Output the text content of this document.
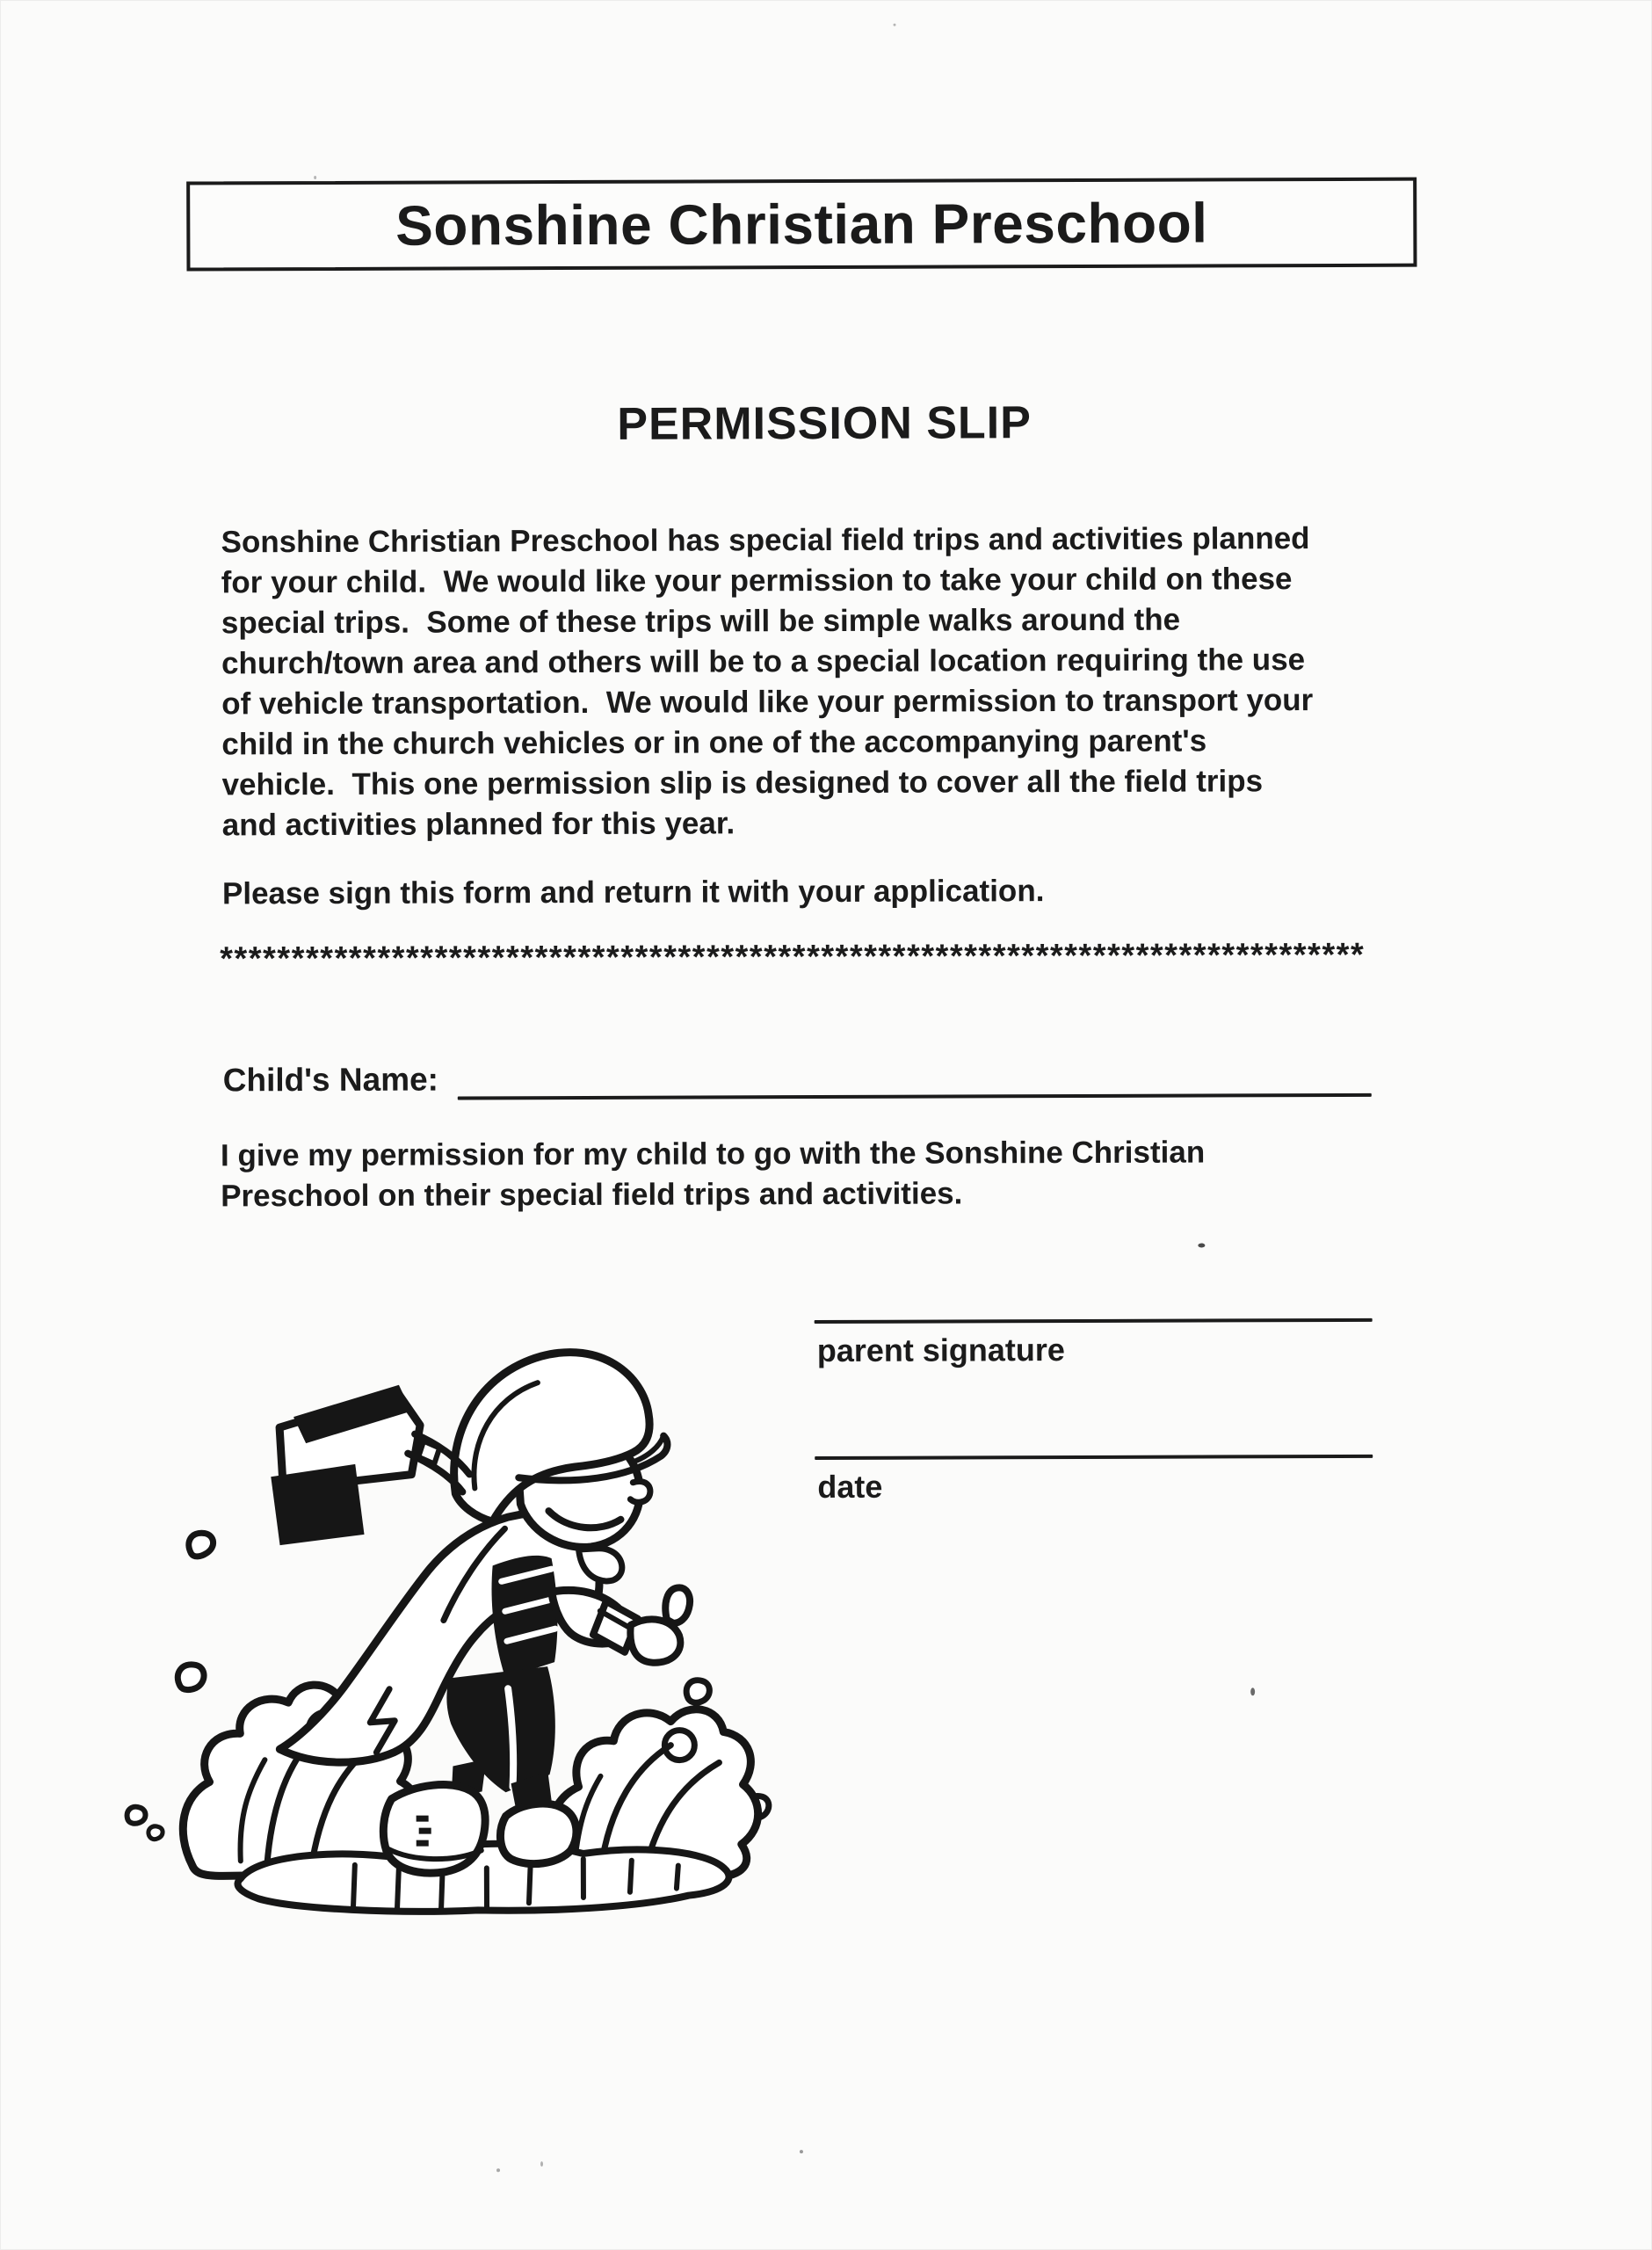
Sonshine Christian Preschool
PERMISSION SLIP
Sonshine Christian Preschool has special field trips and activities planned
for your child.  We would like your permission to take your child on these
special trips.  Some of these trips will be simple walks around the
church/town area and others will be to a special location requiring the use
of vehicle transportation.  We would like your permission to transport your
child in the church vehicles or in one of the accompanying parent's
vehicle.  This one permission slip is designed to cover all the field trips
and activities planned for this year.
Please sign this form and return it with your application.
********************************************************************************
Child's Name:
I give my permission for my child to go with the Sonshine Christian
Preschool on their special field trips and activities.
parent signature
date
